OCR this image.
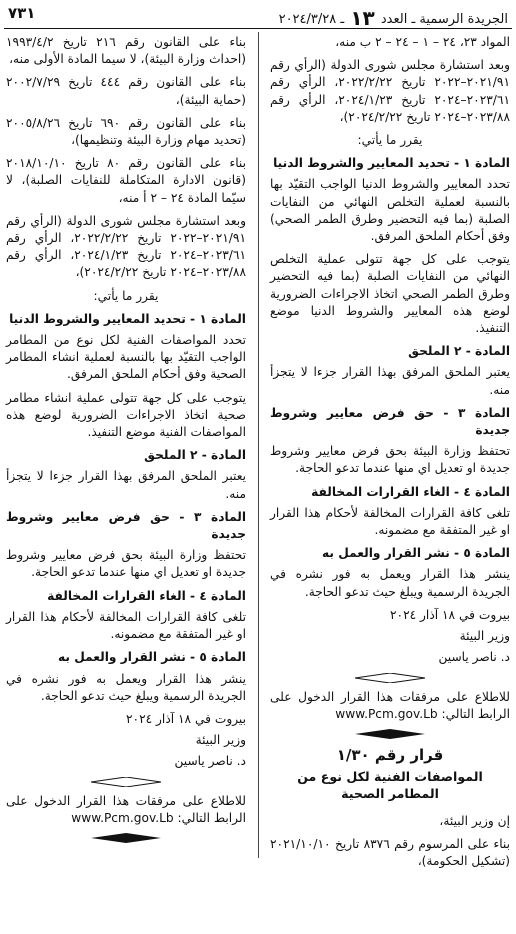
الجريدة الرسمية ـ العدد ١٣ ـ ٢٠٢٤/٣/٢٨
٧٣١

المواد ٢٣، ٢٤ – ١ – ٢٤ – ٢ ب منه،

وبعد استشارة مجلس شورى الدولة (الرأي رقم ٢٠٢١/٩١–٢٠٢٢ تاريخ ٢٠٢٢/٢/٢٢، الرأي رقم ٢٠٢٣/٦١–٢٠٢٤ تاريخ ٢٠٢٤/١/٢٣، الرأي رقم ٢٠٢٣/٨٨–٢٠٢٤ تاريخ ٢٠٢٤/٢/٢٢)،

يقرر ما يأتي:

المادة ١ - تحديد المعايير والشروط الدنيا

تحدد المعايير والشروط الدنيا الواجب التقيّد بها بالنسبة لعملية التخلص النهائي من النفايات الصلبة (بما فيه التحضير وطرق الطمر الصحي) وفق أحكام الملحق المرفق.

يتوجب على كل جهة تتولى عملية التخلص النهائي من النفايات الصلبة (بما فيه التحضير وطرق الطمر الصحي اتخاذ الاجراءات الضرورية لوضع هذه المعايير والشروط الدنيا موضع التنفيذ.

المادة - ٢ الملحق

يعتبر الملحق المرفق بهذا القرار جزءا لا يتجزأ منه.

المادة ٣ - حق فرض معايير وشروط جديدة

تحتفظ وزارة البيئة بحق فرض معايير وشروط جديدة او تعديل اي منها عندما تدعو الحاجة.

المادة ٤ - الغاء القرارات المخالفة

تلغى كافة القرارات المخالفة لأحكام هذا القرار او غير المتفقة مع مضمونه.

المادة ٥ - نشر القرار والعمل به

ينشر هذا القرار ويعمل به فور نشره في الجريدة الرسمية ويبلغ حيث تدعو الحاجة.

بيروت في ١٨ آذار ٢٠٢٤

وزير البيئة

د. ناصر ياسين

للاطلاع على مرفقات هذا القرار الدخول على الرابط التالي: www.Pcm.gov.Lb

قرار رقم ١/٣٠
المواصفات الفنية لكل نوع من المطامر الصحية

إن وزير البيئة،

بناء على المرسوم رقم ٨٣٧٦ تاريخ ٢٠٢١/١٠/١٠ (تشكيل الحكومة)،

بناء على القانون رقم ٢١٦ تاريخ ١٩٩٣/٤/٢ (احداث وزارة البيئة)، لا سيما المادة الأولى منه،

بناء على القانون رقم ٤٤٤ تاريخ ٢٠٠٢/٧/٢٩ (حماية البيئة)،

بناء على القانون رقم ٦٩٠ تاريخ ٢٠٠٥/٨/٢٦ (تحديد مهام وزارة البيئة وتنظيمها)،

بناء على القانون رقم ٨٠ تاريخ ٢٠١٨/١٠/١٠ (قانون الادارة المتكاملة للنفايات الصلبة)، لا سيّما المادة ٢٤ – ٢ أ منه،

وبعد استشارة مجلس شورى الدولة (الرأي رقم ٢٠٢١/٩١–٢٠٢٢ تاريخ ٢٠٢٢/٢/٢٢، الرأي رقم ٢٠٢٣/٦١–٢٠٢٤ تاريخ ٢٠٢٤/١/٢٣، الرأي رقم ٢٠٢٣/٨٨–٢٠٢٤ تاريخ ٢٠٢٤/٢/٢٢)،

يقرر ما يأتي:

المادة ١ - تحديد المعايير والشروط الدنيا

تحدد المواصفات الفنية لكل نوع من المطامر الواجب التقيّد بها بالنسبة لعملية انشاء المطامر الصحية وفق أحكام الملحق المرفق.

يتوجب على كل جهة تتولى عملية انشاء مطامر صحية اتخاذ الاجراءات الضرورية لوضع هذه المواصفات الفنية موضع التنفيذ.

المادة - ٢ الملحق

يعتبر الملحق المرفق بهذا القرار جزءا لا يتجزأ منه.

المادة ٣ - حق فرض معايير وشروط جديدة

تحتفظ وزارة البيئة بحق فرض معايير وشروط جديدة او تعديل اي منها عندما تدعو الحاجة.

المادة ٤ - الغاء القرارات المخالفة

تلغى كافة القرارات المخالفة لأحكام هذا القرار او غير المتفقة مع مضمونه.

المادة ٥ - نشر القرار والعمل به

ينشر هذا القرار ويعمل به فور نشره في الجريدة الرسمية ويبلغ حيث تدعو الحاجة.

بيروت في ١٨ آذار ٢٠٢٤

وزير البيئة

د. ناصر ياسين

للاطلاع على مرفقات هذا القرار الدخول على الرابط التالي: www.Pcm.gov.Lb
